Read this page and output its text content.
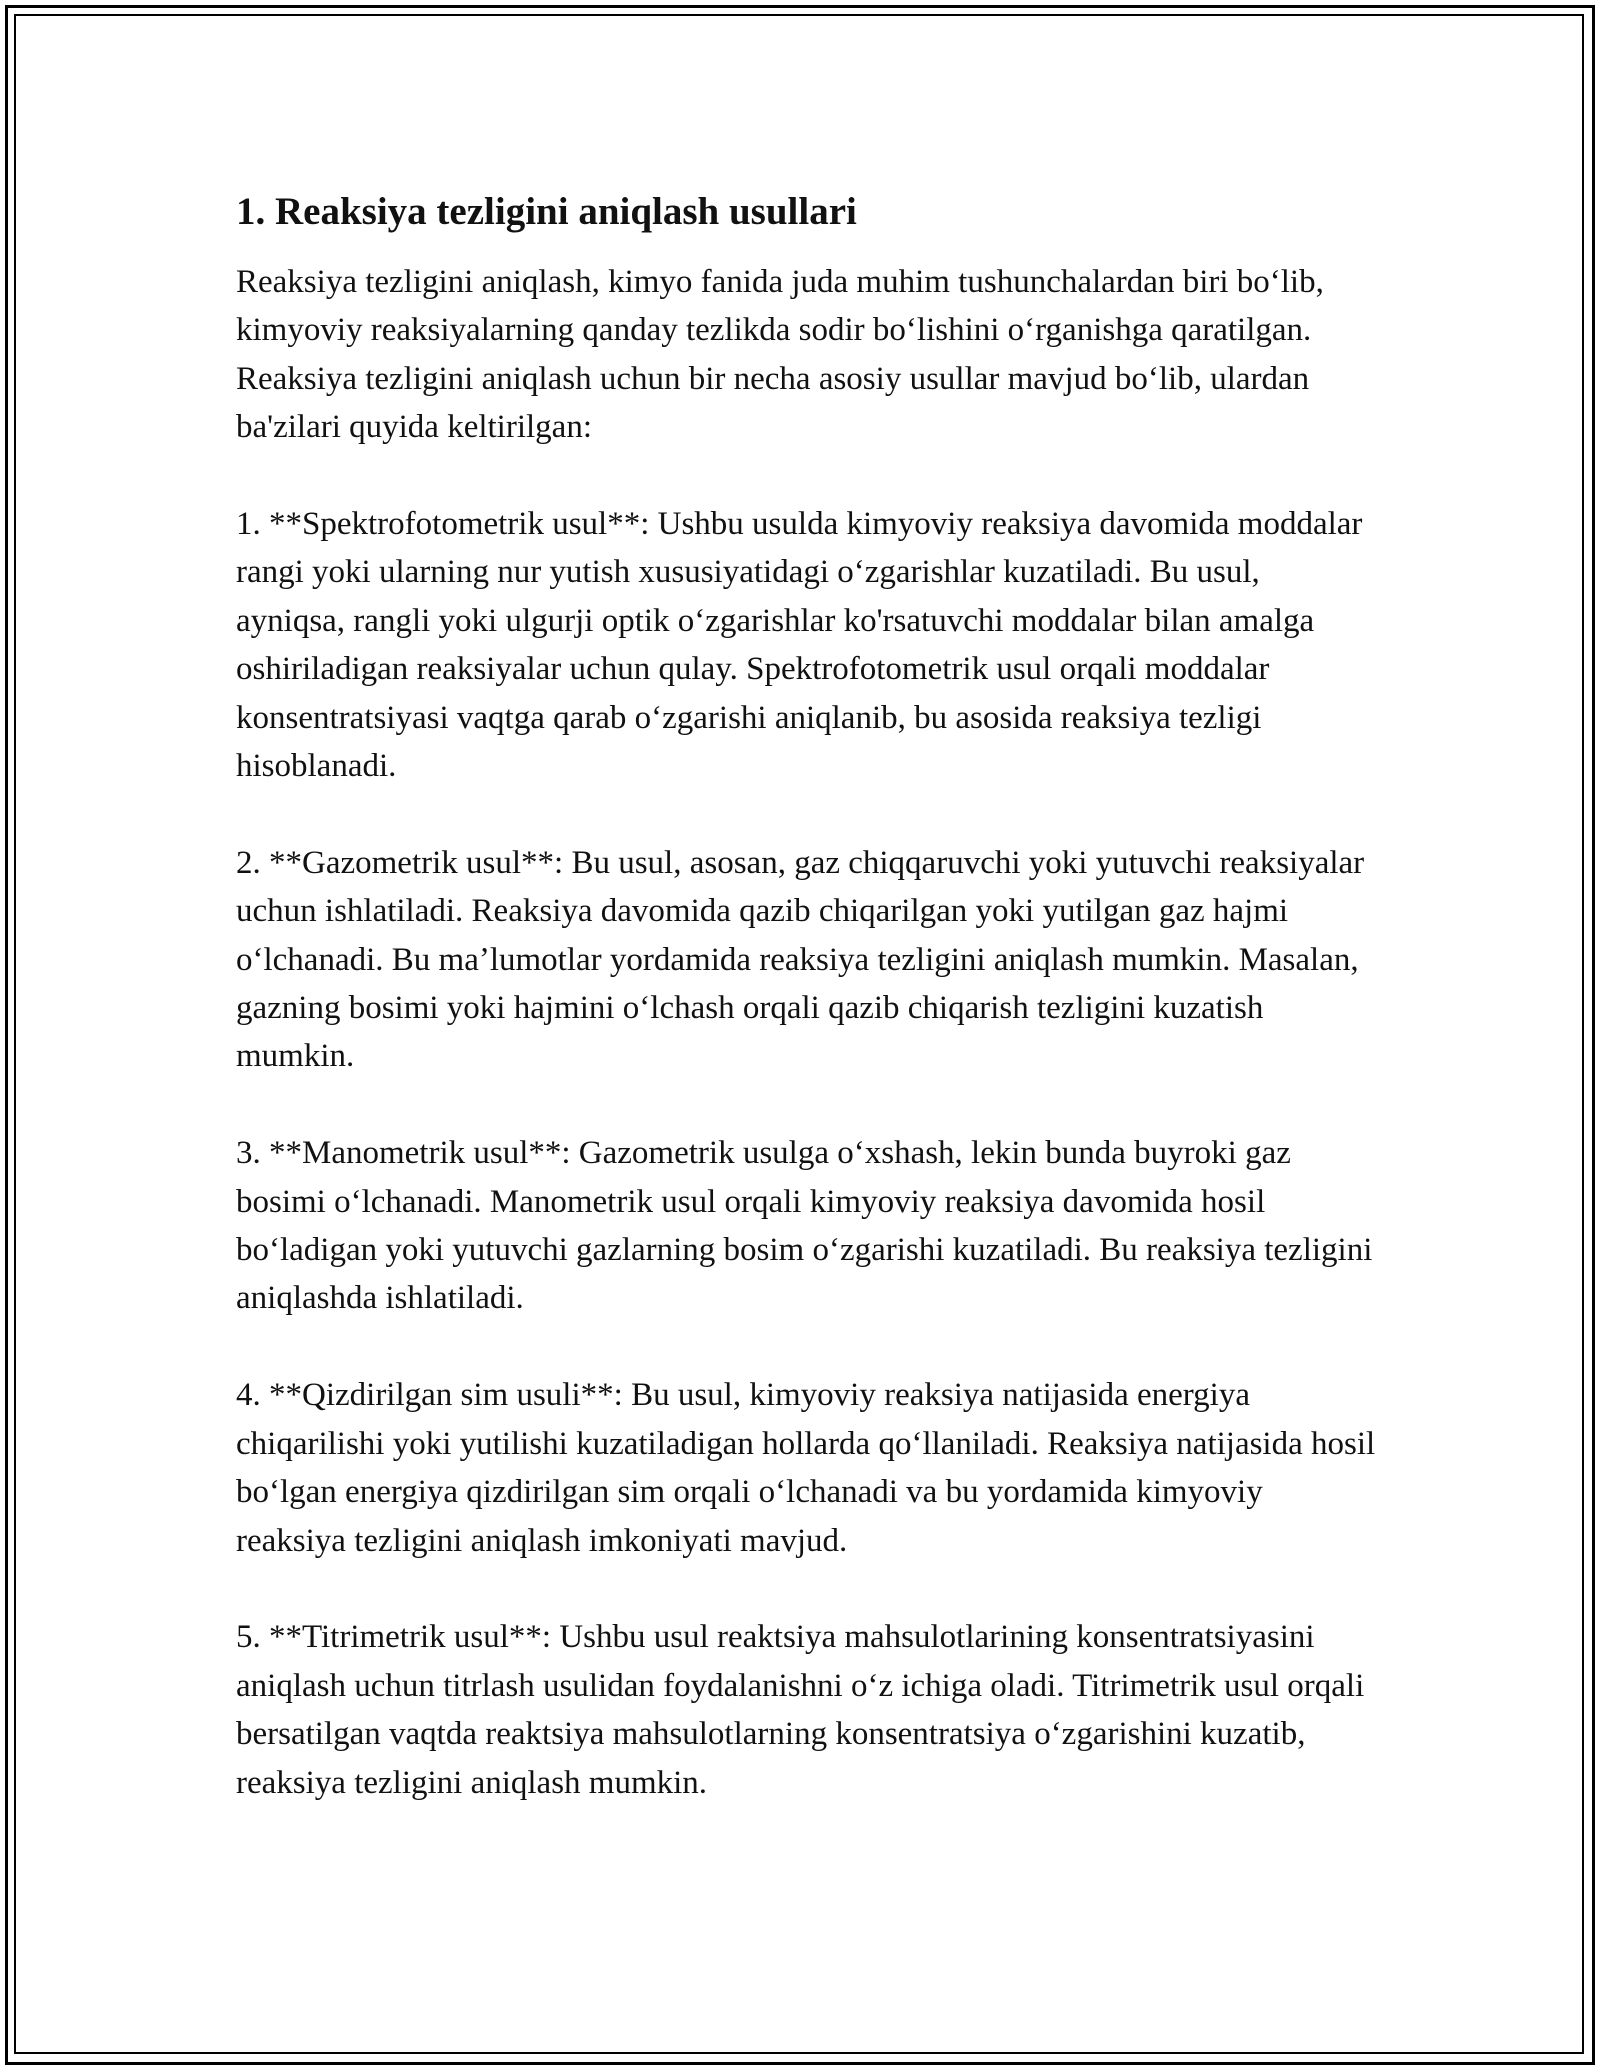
1. Reaksiya tezligini aniqlash usullari

Reaksiya tezligini aniqlash, kimyo fanida juda muhim tushunchalardan biri boʻlib, kimyoviy reaksiyalarning qanday tezlikda sodir boʻlishini oʻrganishga qaratilgan. Reaksiya tezligini aniqlash uchun bir necha asosiy usullar mavjud boʻlib, ulardan ba'zilari quyida keltirilgan:

1. **Spektrofotometrik usul**: Ushbu usulda kimyoviy reaksiya davomida moddalar rangi yoki ularning nur yutish xususiyatidagi oʻzgarishlar kuzatiladi. Bu usul, ayniqsa, rangli yoki ulgurji optik oʻzgarishlar ko'rsatuvchi moddalar bilan amalga oshiriladigan reaksiyalar uchun qulay. Spektrofotometrik usul orqali moddalar konsentratsiyasi vaqtga qarab oʻzgarishi aniqlanib, bu asosida reaksiya tezligi hisoblanadi.

2. **Gazometrik usul**: Bu usul, asosan, gaz chiqqaruvchi yoki yutuvchi reaksiyalar uchun ishlatiladi. Reaksiya davomida qazib chiqarilgan yoki yutilgan gaz hajmi oʻlchanadi. Bu maʼlumotlar yordamida reaksiya tezligini aniqlash mumkin. Masalan, gazning bosimi yoki hajmini oʻlchash orqali qazib chiqarish tezligini kuzatish mumkin.

3. **Manometrik usul**: Gazometrik usulga oʻxshash, lekin bunda buyroki gaz bosimi oʻlchanadi. Manometrik usul orqali kimyoviy reaksiya davomida hosil boʻladigan yoki yutuvchi gazlarning bosim oʻzgarishi kuzatiladi. Bu reaksiya tezligini aniqlashda ishlatiladi.

4. **Qizdirilgan sim usuli**: Bu usul, kimyoviy reaksiya natijasida energiya chiqarilishi yoki yutilishi kuzatiladigan hollarda qoʻllaniladi. Reaksiya natijasida hosil boʻlgan energiya qizdirilgan sim orqali oʻlchanadi va bu yordamida kimyoviy reaksiya tezligini aniqlash imkoniyati mavjud.

5. **Titrimetrik usul**: Ushbu usul reaktsiya mahsulotlarining konsentratsiyasini aniqlash uchun titrlash usulidan foydalanishni oʻz ichiga oladi. Titrimetrik usul orqali bersatilgan vaqtda reaktsiya mahsulotlarning konsentratsiya oʻzgarishini kuzatib, reaksiya tezligini aniqlash mumkin.
